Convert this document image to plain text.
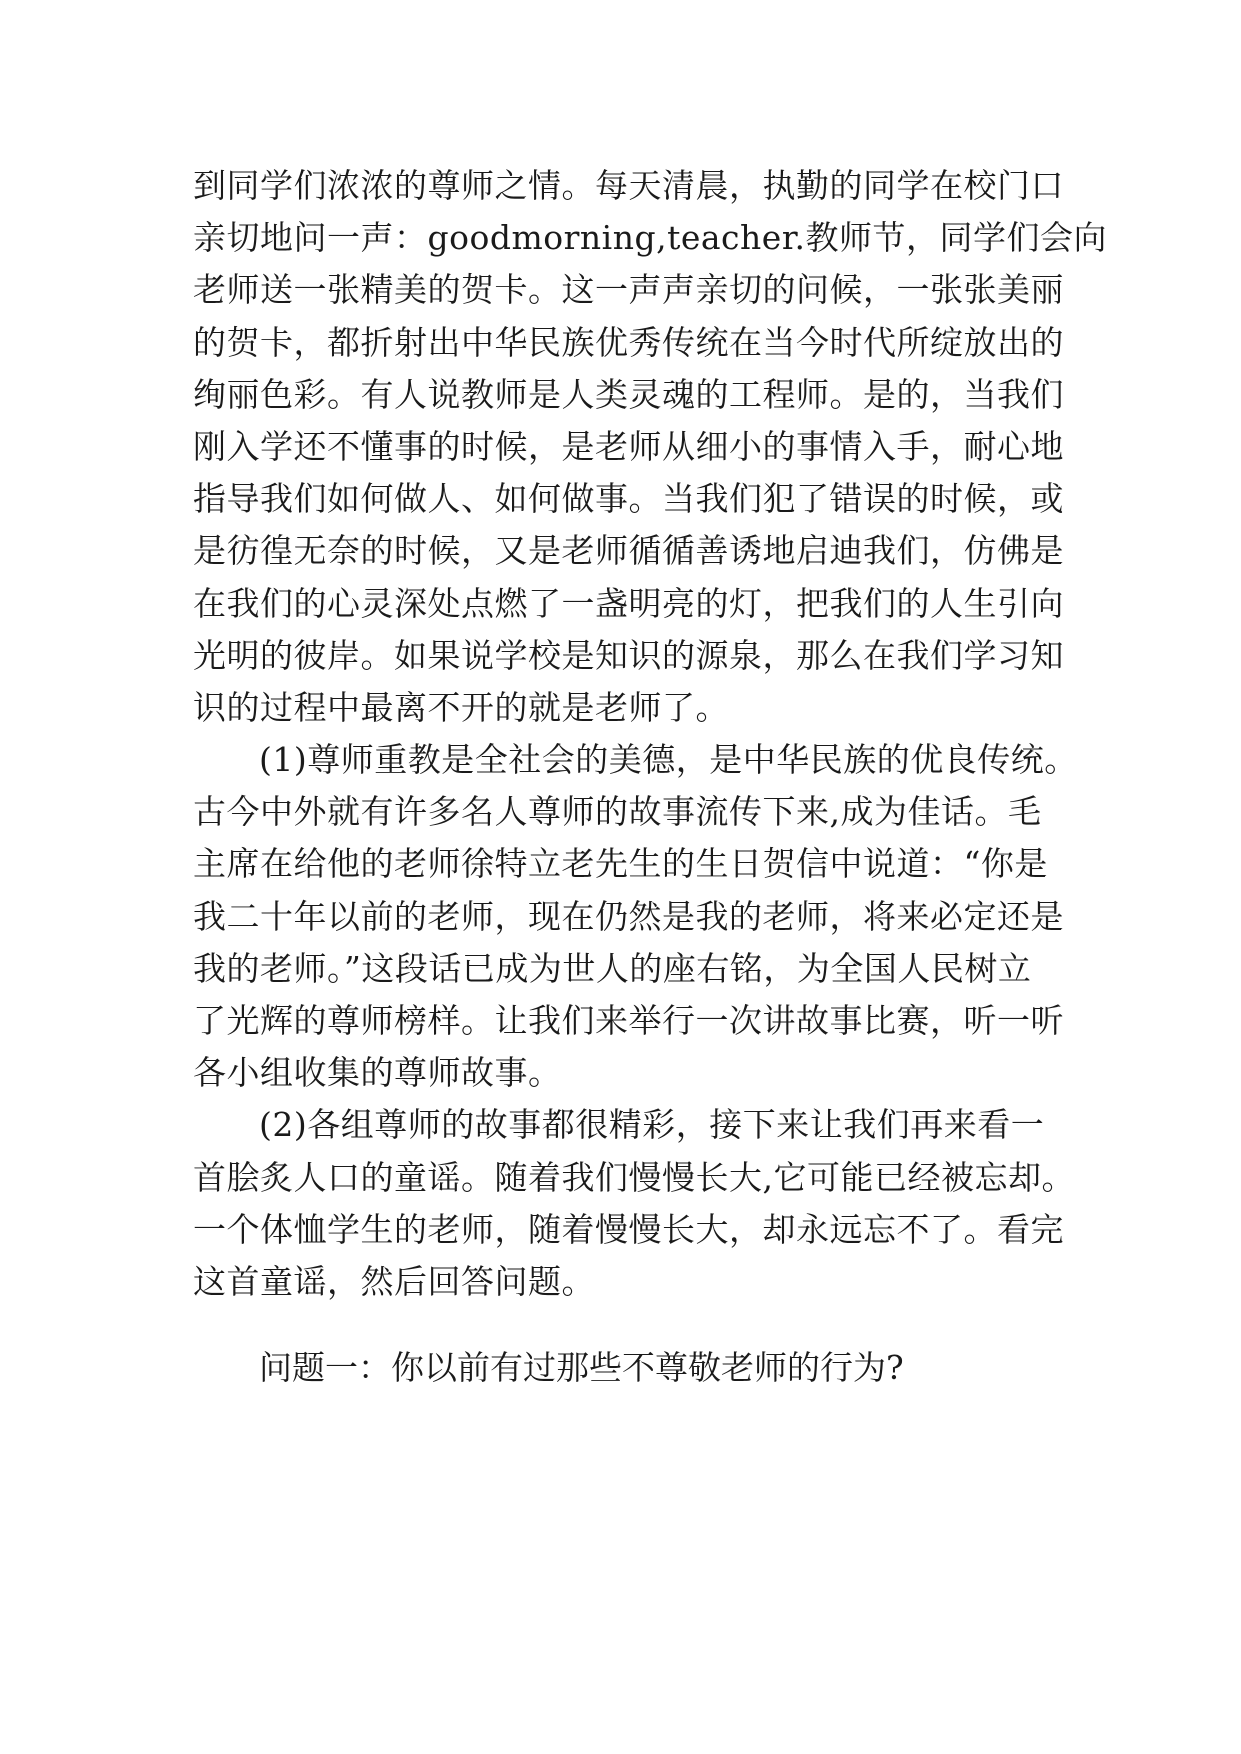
到同学们浓浓的尊师之情。每天清晨，执勤的同学在校门口
亲切地问一声：goodmorning,teacher.教师节，同学们会向
老师送一张精美的贺卡。这一声声亲切的问候，一张张美丽
的贺卡，都折射出中华民族优秀传统在当今时代所绽放出的
绚丽色彩。有人说教师是人类灵魂的工程师。是的，当我们
刚入学还不懂事的时候，是老师从细小的事情入手，耐心地
指导我们如何做人、如何做事。当我们犯了错误的时候，或
是彷徨无奈的时候，又是老师循循善诱地启迪我们，仿佛是
在我们的心灵深处点燃了一盏明亮的灯，把我们的人生引向
光明的彼岸。如果说学校是知识的源泉，那么在我们学习知
识的过程中最离不开的就是老师了。
(1)尊师重教是全社会的美德，是中华民族的优良传统。
古今中外就有许多名人尊师的故事流传下来,成为佳话。毛
主席在给他的老师徐特立老先生的生日贺信中说道：“你是
我二十年以前的老师，现在仍然是我的老师，将来必定还是
我的老师。”这段话已成为世人的座右铭，为全国人民树立
了光辉的尊师榜样。让我们来举行一次讲故事比赛，听一听
各小组收集的尊师故事。
(2)各组尊师的故事都很精彩，接下来让我们再来看一
首脍炙人口的童谣。随着我们慢慢长大,它可能已经被忘却。
一个体恤学生的老师，随着慢慢长大，却永远忘不了。看完
这首童谣，然后回答问题。
问题一：你以前有过那些不尊敬老师的行为?
